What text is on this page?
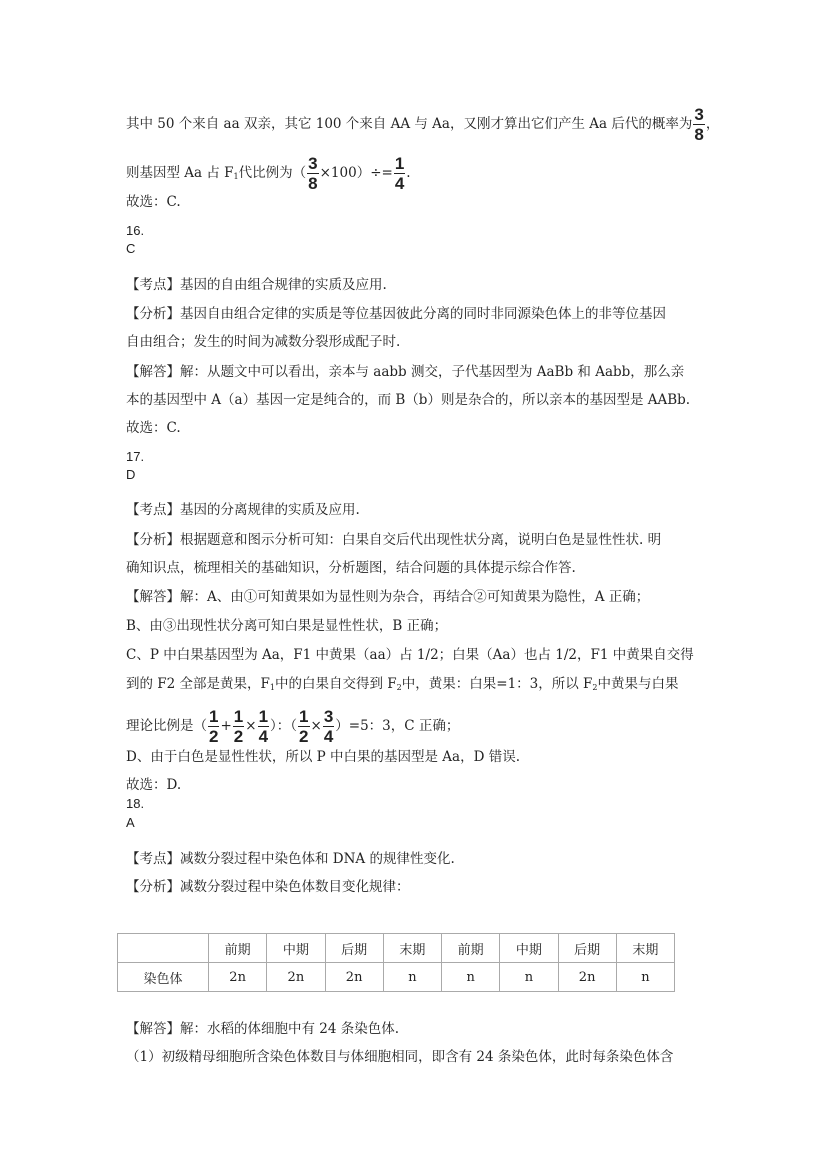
其中 50 个来自 aa 双亲，其它 100 个来自 AA 与 Aa，又刚才算出它们产生 Aa 后代的概率为 $\frac{3}{8}$ ，
则基因型 Aa 占 $F_1$代比例为（ $\frac{3}{8} \times 100)\div= \frac{1}{4}$ .
故选：C.
16.
C
【考点】基因的自由组合规律的实质及应用.
【分析】基因自由组合定律的实质是等位基因彼此分离的同时非同源染色体上的非等位基因
自由组合；发生的时间为减数分裂形成配子时.
【解答】解：从题文中可以看出，亲本与 aabb 测交，子代基因型为 AaBb 和 Aabb，那么亲
本的基因型中 A（a）基因一定是纯合的，而 B（b）则是杂合的，所以亲本的基因型是 AABb.
故选：C.
17.
D
【考点】基因的分离规律的实质及应用.
【分析】根据题意和图示分析可知：白果自交后代出现性状分离，说明白色是显性性状. 明
确知识点，梳理相关的基础知识，分析题图，结合问题的具体提示综合作答.
【解答】解：A、由①可知黄果如为显性则为杂合，再结合②可知黄果为隐性，A 正确；
B、由③出现性状分离可知白果是显性性状，B 正确；
C、P 中白果基因型为 Aa，F1 中黄果（aa）占 1/2；白果（Aa）也占 1/2，F1 中黄果自交得
到的 F2 全部是黄果，$F_1$中的白果自交得到 $F_2$中，黄果：白果=1：3，所以 $F_2$中黄果与白果
理论比例是（ $\frac{1}{2} + \frac{1}{2} \times \frac{1}{4}$ ）：（ $\frac{1}{2} \times \frac{3}{4} )=5$：3，C 正确；
D、由于白色是显性性状，所以 P 中白果的基因型是 Aa，D 错误.
故选：D.
18.
A
【考点】减数分裂过程中染色体和 DNA 的规律性变化.
【分析】减数分裂过程中染色体数目变化规律：
	前期	中期	后期	末期	前期	中期	后期	末期
染色体	2n	2n	2n	n	n	n	2n	n
【解答】解：水稻的体细胞中有 24 条染色体.
（1）初级精母细胞所含染色体数目与体细胞相同，即含有 24 条染色体，此时每条染色体含
